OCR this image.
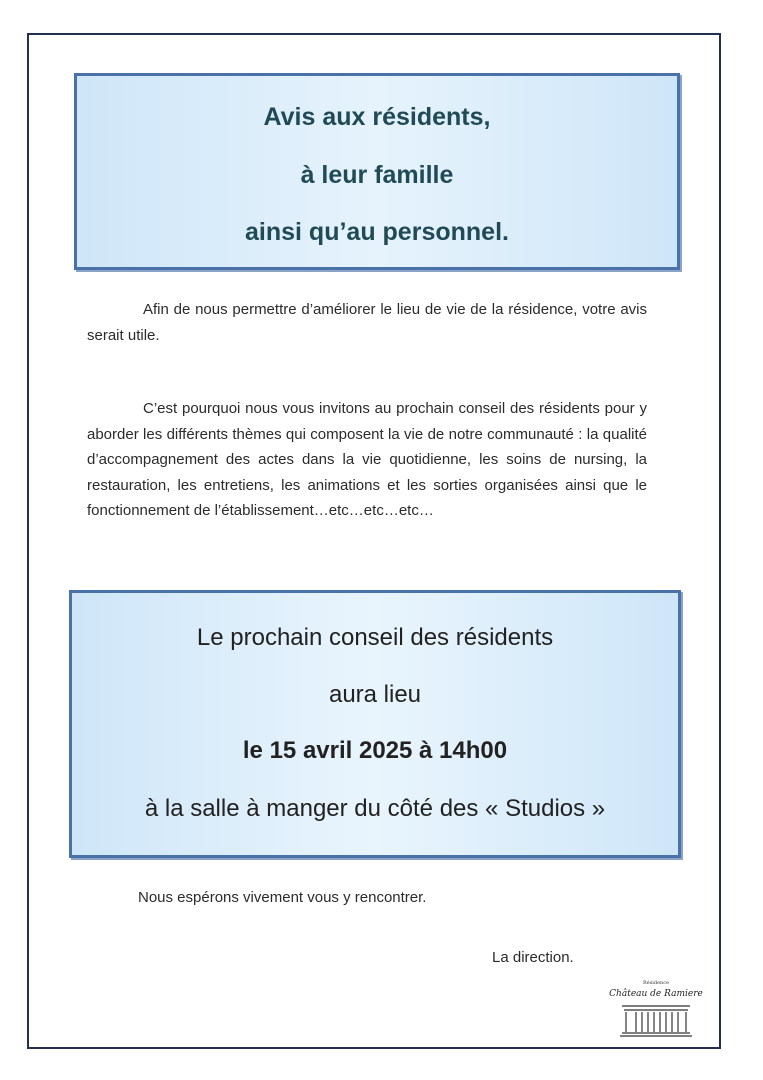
Avis aux résidents,
à leur famille
ainsi qu’au personnel.

Afin de nous permettre d’améliorer le lieu de vie de la résidence, votre avis serait utile.

C’est pourquoi nous vous invitons au prochain conseil des résidents pour y aborder les différents thèmes qui composent la vie de notre communauté : la qualité d’accompagnement des actes dans la vie quotidienne, les soins de nursing, la restauration, les entretiens, les animations et les sorties organisées ainsi que le fonctionnement de l’établissement…etc…etc…etc…

Le prochain conseil des résidents
aura lieu
le 15 avril 2025 à 14h00
à la salle à manger du côté des « Studios »
Nous espérons vivement vous y rencontrer.
La direction.
Résidence
Château de Ramiere
